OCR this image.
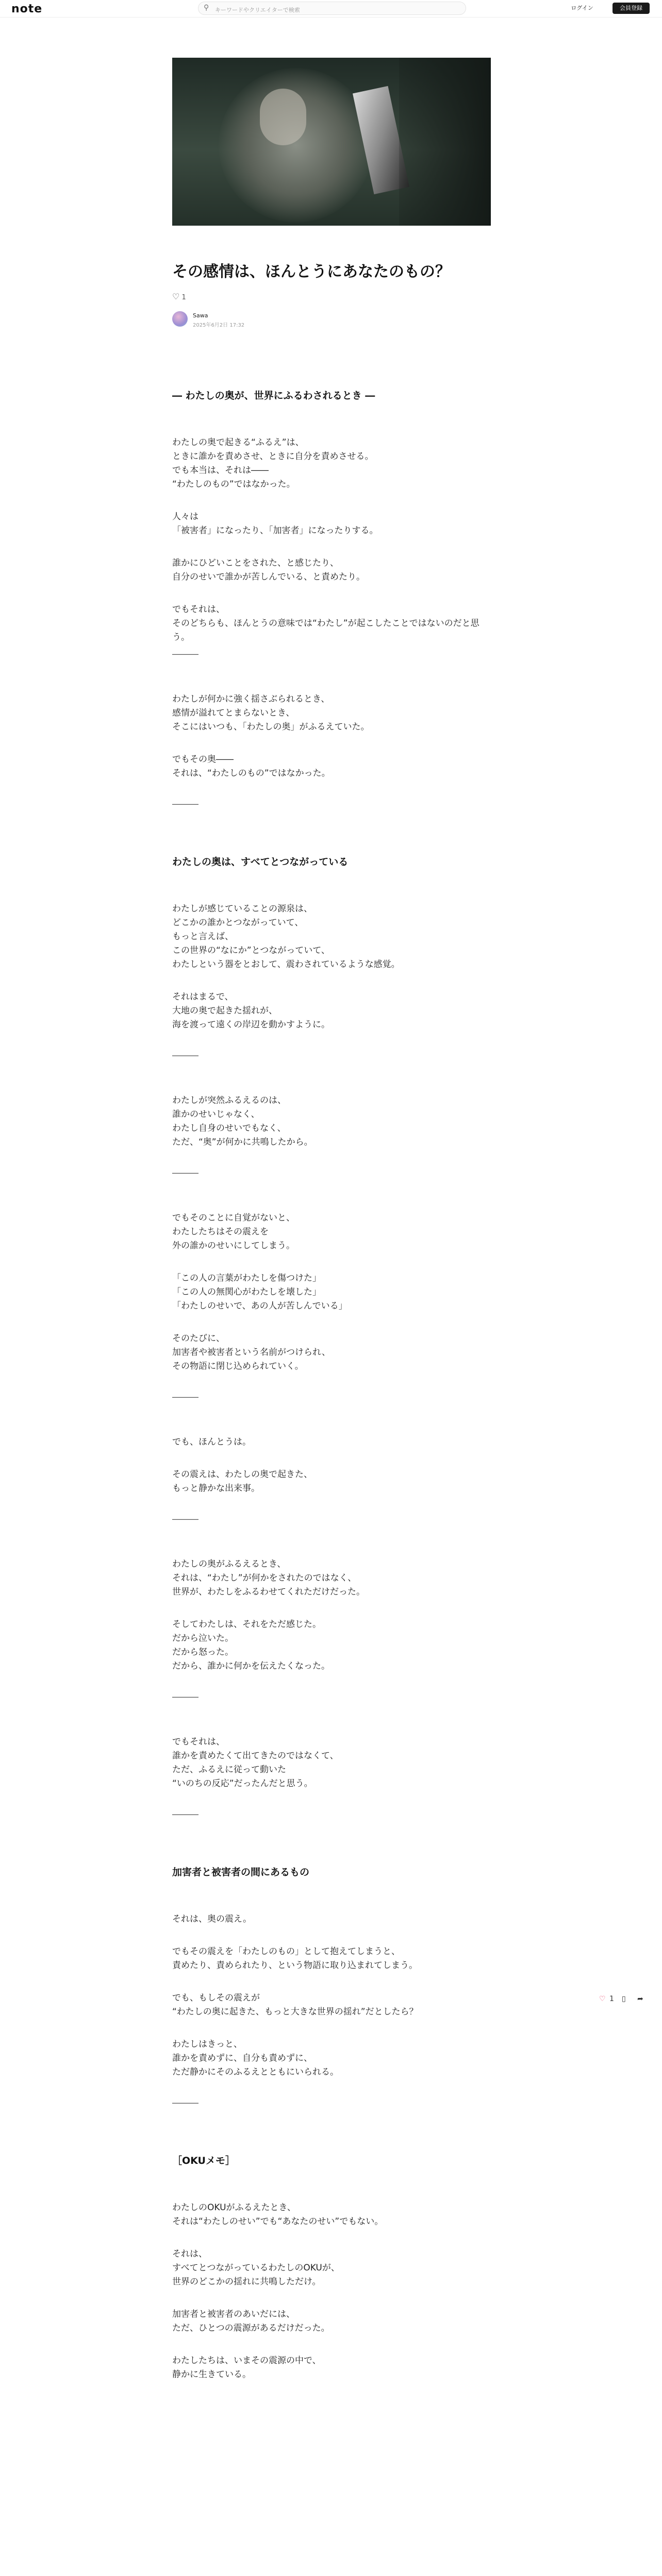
note	⚲ キーワードやクリエイターで検索	ログイン	会員登録
その感情は、ほんとうにあなたのもの？
♡ 1
Sawa
2025年6月2日 17:32
― わたしの奥が、世界にふるわされるとき ―
わたしの奥で起きる“ふるえ”は、
ときに誰かを責めさせ、ときに自分を責めさせる。
でも本当は、それは――
“わたしのもの”ではなかった。
人々は
「被害者」になったり、「加害者」になったりする。
誰かにひどいことをされた、と感じたり、
自分のせいで誰かが苦しんでいる、と責めたり。
でもそれは、
そのどちらも、ほんとうの意味では“わたし”が起こしたことではないのだと思う。
―――
わたしが何かに強く揺さぶられるとき、
感情が溢れてとまらないとき、
そこにはいつも、「わたしの奥」がふるえていた。
でもその奥――
それは、“わたしのもの”ではなかった。
―――
わたしの奥は、すべてとつながっている
わたしが感じていることの源泉は、
どこかの誰かとつながっていて、
もっと言えば、
この世界の“なにか”とつながっていて、
わたしという器をとおして、震わされているような感覚。
それはまるで、
大地の奥で起きた揺れが、
海を渡って遠くの岸辺を動かすように。
―――
わたしが突然ふるえるのは、
誰かのせいじゃなく、
わたし自身のせいでもなく、
ただ、“奥”が何かに共鳴したから。
―――
でもそのことに自覚がないと、
わたしたちはその震えを
外の誰かのせいにしてしまう。
「この人の言葉がわたしを傷つけた」
「この人の無関心がわたしを壊した」
「わたしのせいで、あの人が苦しんでいる」
そのたびに、
加害者や被害者という名前がつけられ、
その物語に閉じ込められていく。
―――
でも、ほんとうは。
その震えは、わたしの奥で起きた、
もっと静かな出来事。
―――
わたしの奥がふるえるとき、
それは、“わたし”が何かをされたのではなく、
世界が、わたしをふるわせてくれただけだった。
そしてわたしは、それをただ感じた。
だから泣いた。
だから怒った。
だから、誰かに何かを伝えたくなった。
―――
でもそれは、
誰かを責めたくて出てきたのではなくて、
ただ、ふるえに従って動いた
“いのちの反応”だったんだと思う。
―――
加害者と被害者の間にあるもの
それは、奥の震え。
でもその震えを「わたしのもの」として抱えてしまうと、
責めたり、責められたり、という物語に取り込まれてしまう。
でも、もしその震えが
“わたしの奥に起きた、もっと大きな世界の揺れ”だとしたら？
わたしはきっと、
誰かを責めずに、自分も責めずに、
ただ静かにそのふるえとともにいられる。
―――
［OKUメモ］
わたしのOKUがふるえたとき、
それは“わたしのせい”でも“あなたのせい”でもない。
それは、
すべてとつながっているわたしのOKUが、
世界のどこかの揺れに共鳴しただけ。
加害者と被害者のあいだには、
ただ、ひとつの震源があるだけだった。
わたしたちは、いまその震源の中で、
静かに生きている。
♡ 1 ▯ ➦
